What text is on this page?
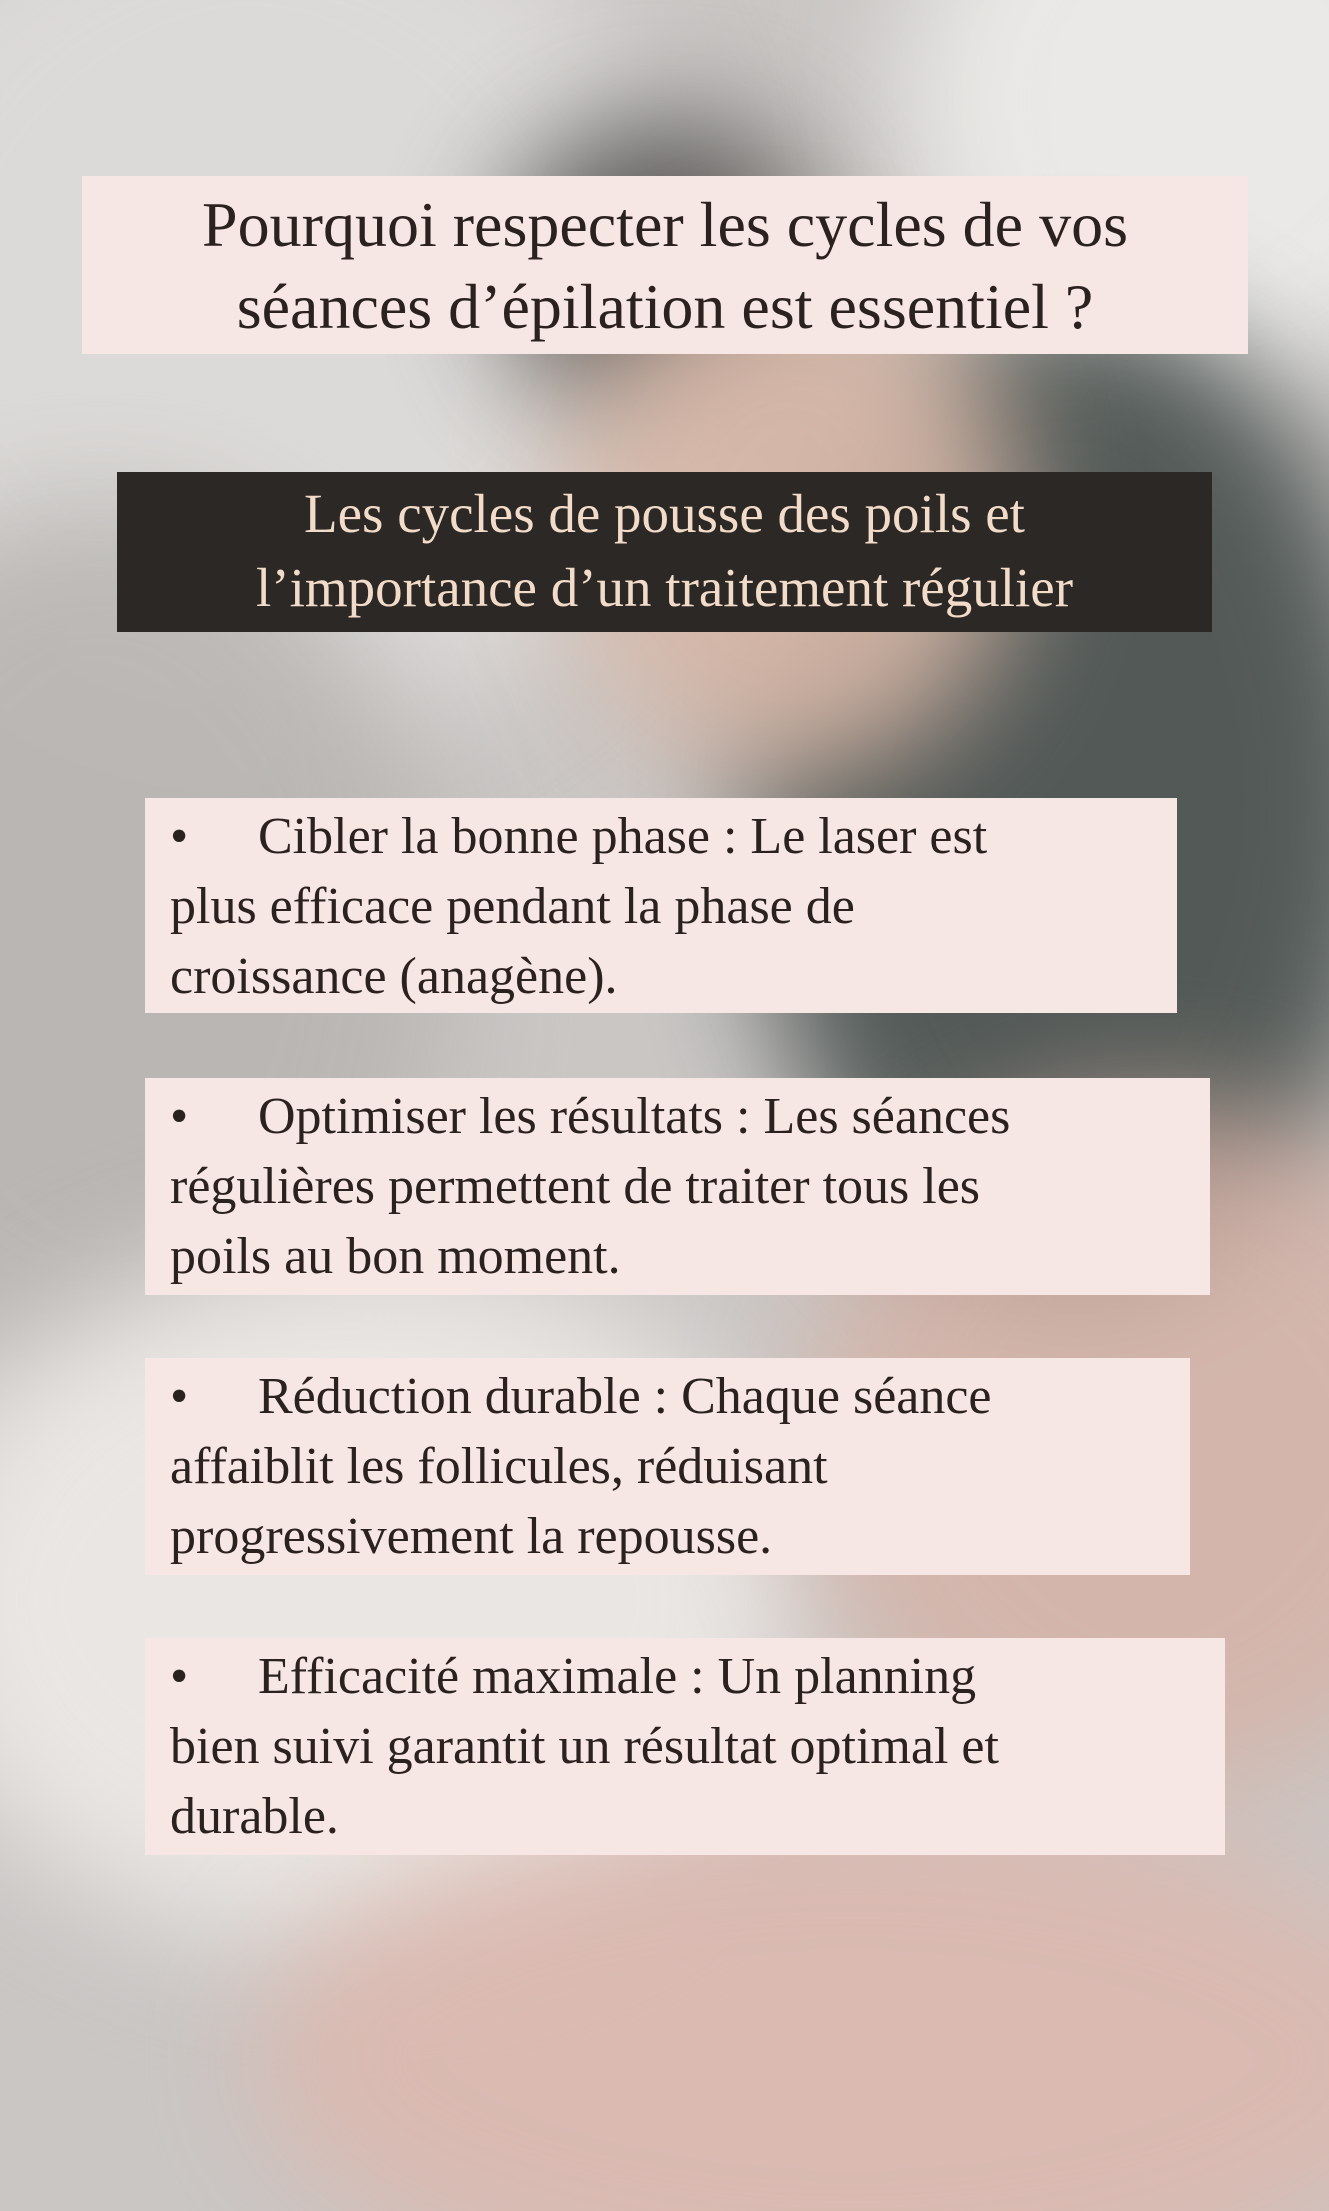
Pourquoi respecter les cycles de vos
séances d’épilation est essentiel ?
Les cycles de pousse des poils et
l’importance d’un traitement régulier
• Cibler la bonne phase : Le laser est
plus efficace pendant la phase de
croissance (anagène).
• Optimiser les résultats : Les séances
régulières permettent de traiter tous les
poils au bon moment.
• Réduction durable : Chaque séance
affaiblit les follicules, réduisant
progressivement la repousse.
• Efficacité maximale : Un planning
bien suivi garantit un résultat optimal et
durable.
